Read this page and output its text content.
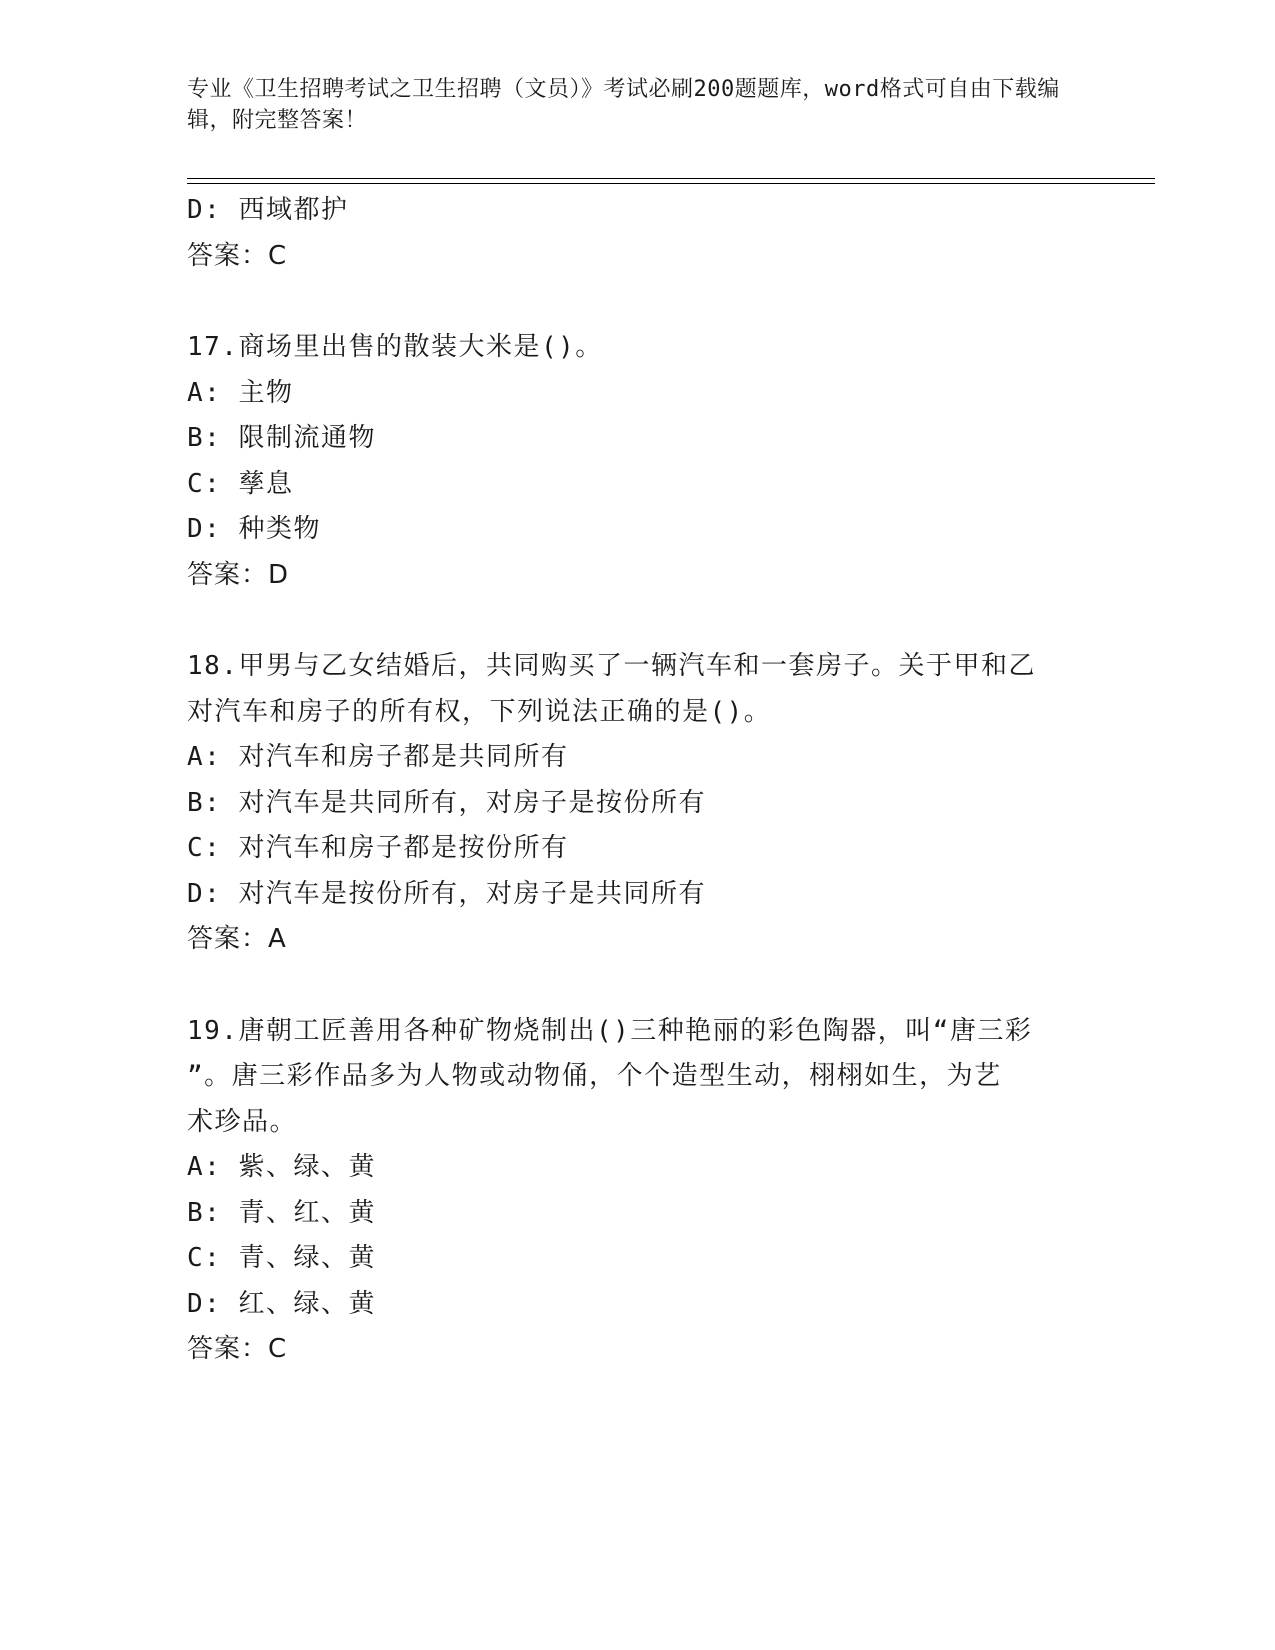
专业《卫生招聘考试之卫生招聘（文员）》考试必刷200题题库，word格式可自由下载编辑，附完整答案！
D: 西域都护
答案：C
17.商场里出售的散装大米是()。
A: 主物
B: 限制流通物
C: 孳息
D: 种类物
答案：D
18.甲男与乙女结婚后，共同购买了一辆汽车和一套房子。关于甲和乙
对汽车和房子的所有权，下列说法正确的是()。
A: 对汽车和房子都是共同所有
B: 对汽车是共同所有，对房子是按份所有
C: 对汽车和房子都是按份所有
D: 对汽车是按份所有，对房子是共同所有
答案：A
19.唐朝工匠善用各种矿物烧制出()三种艳丽的彩色陶器，叫“唐三彩
”。唐三彩作品多为人物或动物俑，个个造型生动，栩栩如生，为艺
术珍品。
A: 紫、绿、黄
B: 青、红、黄
C: 青、绿、黄
D: 红、绿、黄
答案：C
